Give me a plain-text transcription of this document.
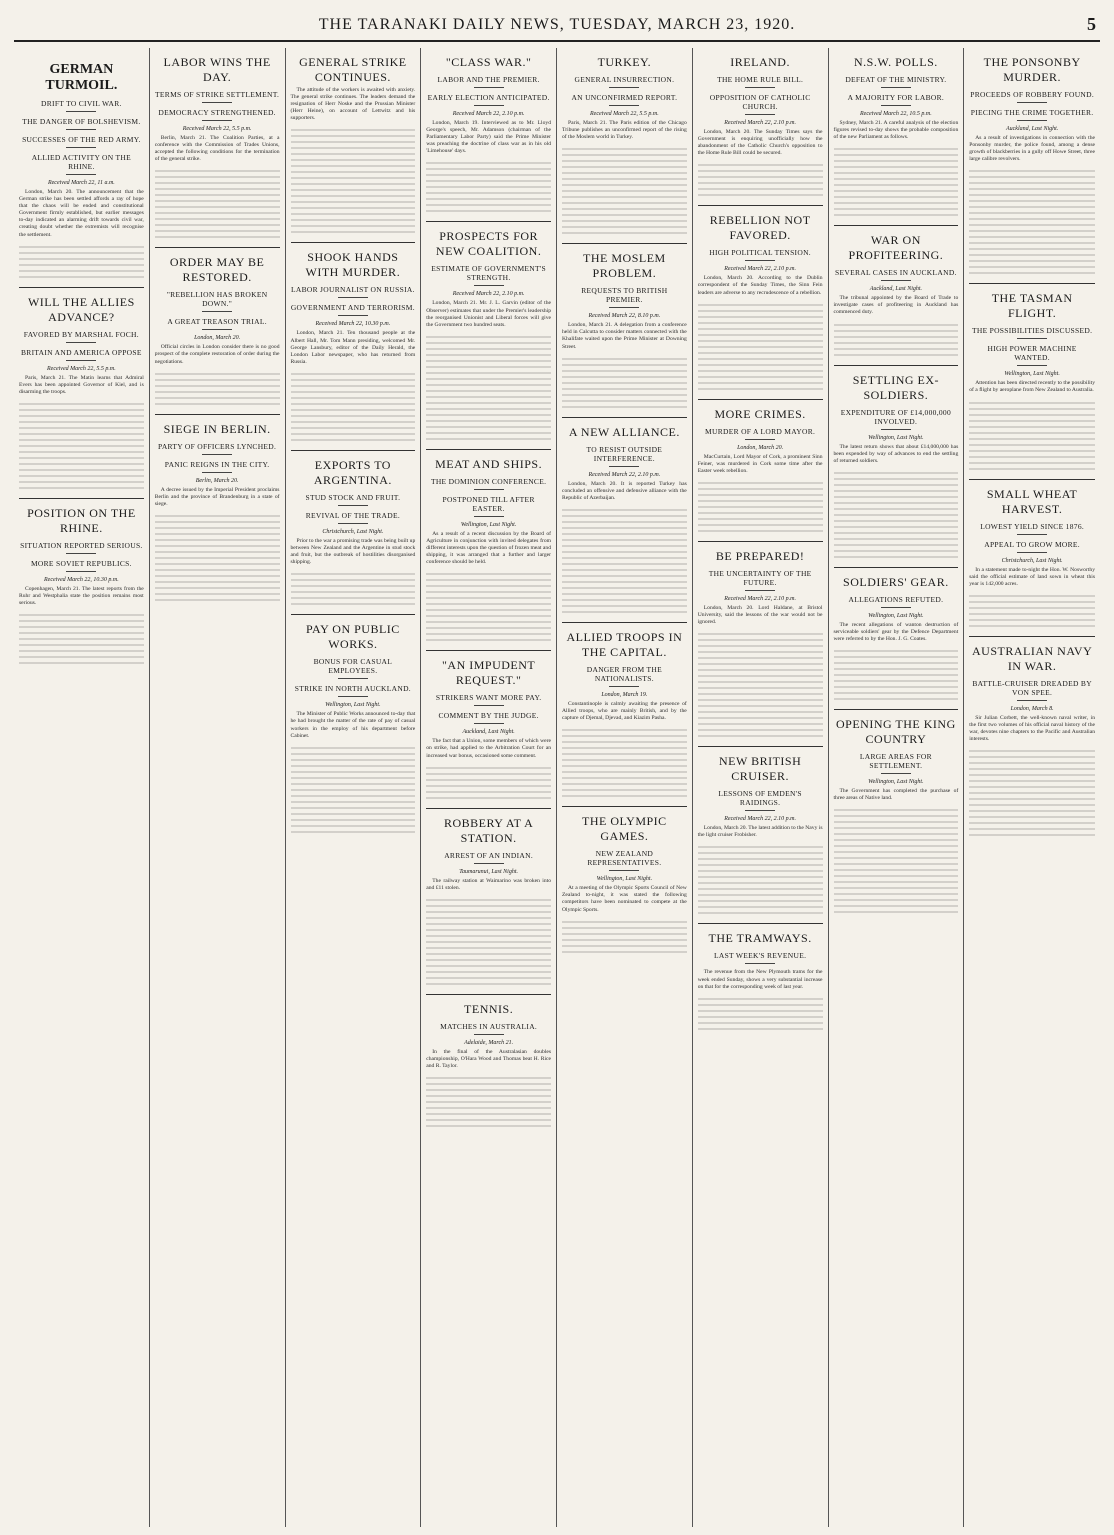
THE TARANAKI DAILY NEWS, TUESDAY, MARCH 23, 1920.	5
GERMAN TURMOIL.
DRIFT TO CIVIL WAR.
THE DANGER OF BOLSHEVISM.
SUCCESSES OF THE RED ARMY.
ALLIED ACTIVITY ON THE RHINE.
Received March 22, 11 a.m.

London, March 20. The announcement that the German strike has been settled affords a ray of hope that the chaos will be ended and constitutional Government firmly established, but earlier messages to-day indicated an alarming drift towards civil war, creating doubt whether the extremists will recognise the settlement.

WILL THE ALLIES ADVANCE?
FAVORED BY MARSHAL FOCH.
BRITAIN AND AMERICA OPPOSE
Received March 22, 5.5 p.m.

Paris, March 21. The Matin learns that Admiral Evers has been appointed Governor of Kiel, and is disarming the troops.

POSITION ON THE RHINE.
SITUATION REPORTED SERIOUS.
MORE SOVIET REPUBLICS.
Received March 22, 10.30 p.m.

Copenhagen, March 21. The latest reports from the Ruhr and Westphalia state the position remains most serious.

LABOR WINS THE DAY.
TERMS OF STRIKE SETTLEMENT.
DEMOCRACY STRENGTHENED.
Received March 22, 5.5 p.m.

Berlin, March 21. The Coalition Parties, at a conference with the Commission of Trades Unions, accepted the following conditions for the termination of the general strike.

ORDER MAY BE RESTORED.
"REBELLION HAS BROKEN DOWN."
A GREAT TREASON TRIAL.
London, March 20.

Official circles in London consider there is no good prospect of the complete restoration of order during the negotiations.

SIEGE IN BERLIN.
PARTY OF OFFICERS LYNCHED.
PANIC REIGNS IN THE CITY.
Berlin, March 20.

A decree issued by the Imperial President proclaims Berlin and the province of Brandenburg in a state of siege.

GENERAL STRIKE CONTINUES.

The attitude of the workers is awaited with anxiety. The general strike continues. The leaders demand the resignation of Herr Noske and the Prussian Minister (Herr Heine), on account of Lettwitz and his supporters.

SHOOK HANDS WITH MURDER.
LABOR JOURNALIST ON RUSSIA.
GOVERNMENT AND TERRORISM.
Received March 22, 10.30 p.m.

London, March 21. Ten thousand people at the Albert Hall, Mr. Tom Mann presiding, welcomed Mr. George Lansbury, editor of the Daily Herald, the London Labor newspaper, who has returned from Russia.

EXPORTS TO ARGENTINA.
STUD STOCK AND FRUIT.
REVIVAL OF THE TRADE.
Christchurch, Last Night.

Prior to the war a promising trade was being built up between New Zealand and the Argentine in stud stock and fruit, but the outbreak of hostilities disorganised shipping.

PAY ON PUBLIC WORKS.
BONUS FOR CASUAL EMPLOYEES.
STRIKE IN NORTH AUCKLAND.
Wellington, Last Night.

The Minister of Public Works announced to-day that he had brought the matter of the rate of pay of casual workers in the employ of his department before Cabinet.

"CLASS WAR."
LABOR AND THE PREMIER.
EARLY ELECTION ANTICIPATED.
Received March 22, 2.10 p.m.

London, March 19. Interviewed as to Mr. Lloyd George's speech, Mr. Adamson (chairman of the Parliamentary Labor Party) said the Prime Minister was preaching the doctrine of class war as in his old 'Limehouse' days.

PROSPECTS FOR NEW COALITION.
ESTIMATE OF GOVERNMENT'S STRENGTH.
Received March 22, 2.10 p.m.

London, March 21. Mr. J. L. Garvin (editor of the Observer) estimates that under the Premier's leadership the reorganised Unionist and Liberal forces will give the Government two hundred seats.

MEAT AND SHIPS.
THE DOMINION CONFERENCE.
POSTPONED TILL AFTER EASTER.
Wellington, Last Night.

As a result of a recent discussion by the Board of Agriculture in conjunction with invited delegates from different interests upon the question of frozen meat and shipping, it was arranged that a further and larger conference should be held.

"AN IMPUDENT REQUEST."
STRIKERS WANT MORE PAY.
COMMENT BY THE JUDGE.
Auckland, Last Night.

The fact that a Union, some members of which were on strike, had applied to the Arbitration Court for an increased war bonus, occasioned some comment.

ROBBERY AT A STATION.
ARREST OF AN INDIAN.
Taumarunui, Last Night.

The railway station at Waimarino was broken into and £11 stolen.

TENNIS.
MATCHES IN AUSTRALIA.
Adelaide, March 21.

In the final of the Australasian doubles championship, O'Hara Wood and Thomas beat H. Rice and R. Taylor.

TURKEY.
GENERAL INSURRECTION.
AN UNCONFIRMED REPORT.
Received March 22, 5.5 p.m.

Paris, March 21. The Paris edition of the Chicago Tribune publishes an unconfirmed report of the rising of the Moslem world in Turkey.

THE MOSLEM PROBLEM.
REQUESTS TO BRITISH PREMIER.
Received March 22, 8.10 p.m.

London, March 21. A delegation from a conference held in Calcutta to consider matters connected with the Khalifate waited upon the Prime Minister at Downing Street.

A NEW ALLIANCE.
TO RESIST OUTSIDE INTERFERENCE.
Received March 22, 2.10 p.m.

London, March 20. It is reported Turkey has concluded an offensive and defensive alliance with the Republic of Azerbaijan.

ALLIED TROOPS IN THE CAPITAL.
DANGER FROM THE NATIONALISTS.
London, March 19.

Constantinople is calmly awaiting the presence of Allied troops, who are mainly British, and by the capture of Djemal, Djevad, and Kiazim Pasha.

THE OLYMPIC GAMES.
NEW ZEALAND REPRESENTATIVES.
Wellington, Last Night.

At a meeting of the Olympic Sports Council of New Zealand to-night, it was stated the following competitors have been nominated to compete at the Olympic Sports.

IRELAND.
THE HOME RULE BILL.
OPPOSITION OF CATHOLIC CHURCH.
Received March 22, 2.10 p.m.

London, March 20. The Sunday Times says the Government is enquiring unofficially how the abandonment of the Catholic Church's opposition to the Home Rule Bill could be secured.

REBELLION NOT FAVORED.
HIGH POLITICAL TENSION.
Received March 22, 2.10 p.m.

London, March 20. According to the Dublin correspondent of the Sunday Times, the Sinn Fein leaders are adverse to any recrudescence of a rebellion.

MORE CRIMES.
MURDER OF A LORD MAYOR.
London, March 20.

MacCurtain, Lord Mayor of Cork, a prominent Sinn Feiner, was murdered in Cork some time after the Easter week rebellion.

BE PREPARED!
THE UNCERTAINTY OF THE FUTURE.
Received March 22, 2.10 p.m.

London, March 20. Lord Haldane, at Bristol University, said the lessons of the war would not be ignored.

NEW BRITISH CRUISER.
LESSONS OF EMDEN'S RAIDINGS.
Received March 22, 2.10 p.m.

London, March 20. The latest addition to the Navy is the light cruiser Frobisher.

THE TRAMWAYS.
LAST WEEK'S REVENUE.

The revenue from the New Plymouth trams for the week ended Sunday, shows a very substantial increase on that for the corresponding week of last year.

N.S.W. POLLS.
DEFEAT OF THE MINISTRY.
A MAJORITY FOR LABOR.
Received March 22, 10.5 p.m.

Sydney, March 21. A careful analysis of the election figures revised to-day shows the probable composition of the new Parliament as follows.

WAR ON PROFITEERING.
SEVERAL CASES IN AUCKLAND.
Auckland, Last Night.

The tribunal appointed by the Board of Trade to investigate cases of profiteering in Auckland has commenced duty.

SETTLING EX-SOLDIERS.
EXPENDITURE OF £14,000,000 INVOLVED.
Wellington, Last Night.

The latest return shows that about £14,000,000 has been expended by way of advances to end the settling of returned soldiers.

SOLDIERS' GEAR.
ALLEGATIONS REFUTED.
Wellington, Last Night.

The recent allegations of wanton destruction of serviceable soldiers' gear by the Defence Department were referred to by the Hon. J. G. Coates.

OPENING THE KING COUNTRY
LARGE AREAS FOR SETTLEMENT.
Wellington, Last Night.

The Government has completed the purchase of three areas of Native land.

THE PONSONBY MURDER.
PROCEEDS OF ROBBERY FOUND.
PIECING THE CRIME TOGETHER.
Auckland, Last Night.

As a result of investigations in connection with the Ponsonby murder, the police found, among a dense growth of blackberries in a gully off Howe Street, three large calibre revolvers.

THE TASMAN FLIGHT.
THE POSSIBILITIES DISCUSSED.
HIGH POWER MACHINE WANTED.
Wellington, Last Night.

Attention has been directed recently to the possibility of a flight by aeroplane from New Zealand to Australia.

SMALL WHEAT HARVEST.
LOWEST YIELD SINCE 1876.
APPEAL TO GROW MORE.
Christchurch, Last Night.

In a statement made to-night the Hon. W. Nosworthy said the official estimate of land sown in wheat this year is 142,000 acres.

AUSTRALIAN NAVY IN WAR.
BATTLE-CRUISER DREADED BY VON SPEE.
London, March 8.

Sir Julian Corbett, the well-known naval writer, in the first two volumes of his official naval history of the war, devotes nine chapters to the Pacific and Australian interests.
